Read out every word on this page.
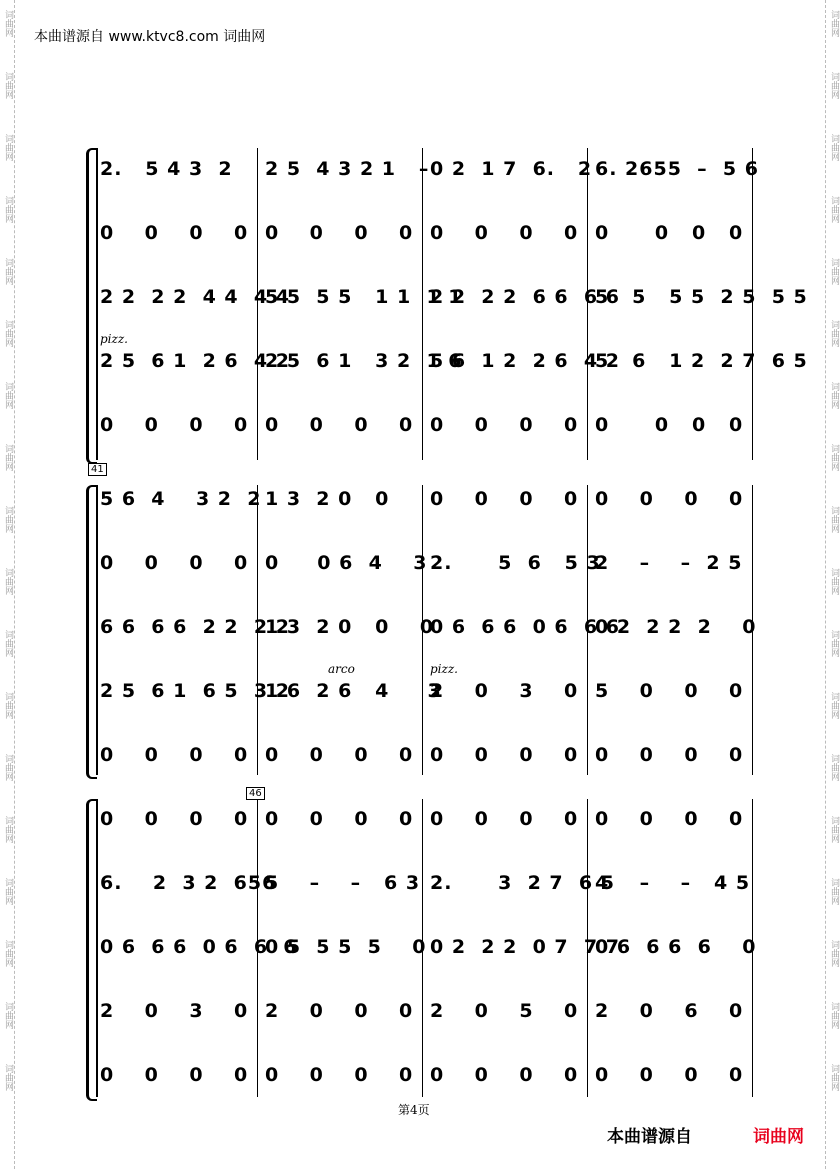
本曲谱源自 www.ktvc8.com 词曲网
41
46
2.   5 4 3  2 2 5  4 3 2 1   – 0 2  1 7  6.   2 6. 2655  –  5 6
0    0    0    0 0    0    0    0 0    0    0    0 0      0   0   0
2 2  2 2  4 4  4 4
5 5  5 5   1 1  1 1
2 2  2 2  6 6  6 6
5   5   5 5  2 5  5 5
2 5  6 1  2 6  4 2
2 5  6 1   3 2  1 6
5 6  1 2  2 6  4 2
5   6   1 2  2 7  6 5
pizz.
0    0    0    0 0    0    0    0 0    0    0    0 0      0   0   0
5 6  4    3 2  2 1 3  2 0   0 0    0    0    0 0    0    0    0
0    0    0    0 0     0 6  4    3 2.      5  6   5 3
2    –    –  2 5
6 6  6 6  2 2  2 2
1 3  2 0   0    0
0 6  6 6  0 6  6 6
0 2  2 2  2    0
2 5  6 1  6 5  3 2
1 6  2 6   4     3
2    0    3    0 5    0    0    0
arco	pizz.
0    0    0    0 0    0    0    0 0    0    0    0 0    0    0    0
0    0    0    0 0    0    0    0 0    0    0    0 0    0    0    0
6.    2  3 2  656
5    –    –   6 3 2.      3  2 7  6 5
4    –    –   4 5
0 6  6 6  0 6  6  6
0 5  5 5  5    0 0 2  2 2  0 7  7 7
0 6  6 6  6    0
2    0    3    0 2    0    0    0 2    0    5    0 2    0    6    0
0    0    0    0 0    0    0    0 0    0    0    0 0    0    0    0
第4页
本曲谱源自	词曲网
词曲网
词曲网
词曲网
词曲网
词曲网
词曲网
词曲网
词曲网
词曲网
词曲网
词曲网
词曲网
词曲网
词曲网
词曲网
词曲网
词曲网
词曲网
词曲网
词曲网
词曲网
词曲网
词曲网
词曲网
词曲网
词曲网
词曲网
词曲网
词曲网
词曲网
词曲网
词曲网
词曲网
词曲网
词曲网
词曲网
